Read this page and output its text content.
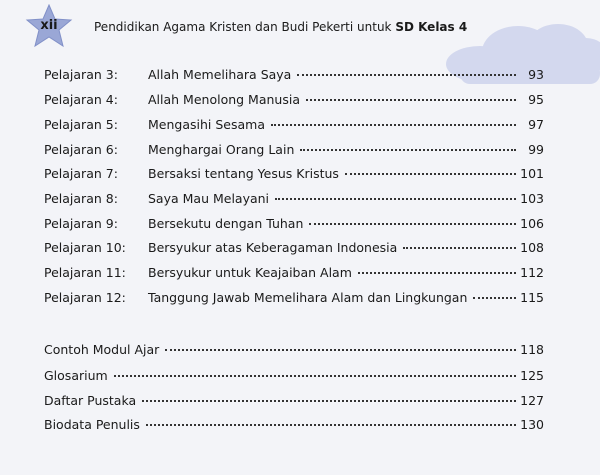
xii	Pendidikan Agama Kristen dan Budi Pekerti untuk SD Kelas 4
Pelajaran 3: Allah Memelihara Saya	93
Pelajaran 4: Allah Menolong Manusia	95
Pelajaran 5: Mengasihi Sesama	97
Pelajaran 6: Menghargai Orang Lain	99
Pelajaran 7: Bersaksi tentang Yesus Kristus	101
Pelajaran 8: Saya Mau Melayani	103
Pelajaran 9: Bersekutu dengan Tuhan	106
Pelajaran 10: Bersyukur atas Keberagaman Indonesia	108
Pelajaran 11: Bersyukur untuk Keajaiban Alam	112
Pelajaran 12: Tanggung Jawab Memelihara Alam dan Lingkungan	115
Contoh Modul Ajar	118
Glosarium	125
Daftar Pustaka	127
Biodata Penulis	130
